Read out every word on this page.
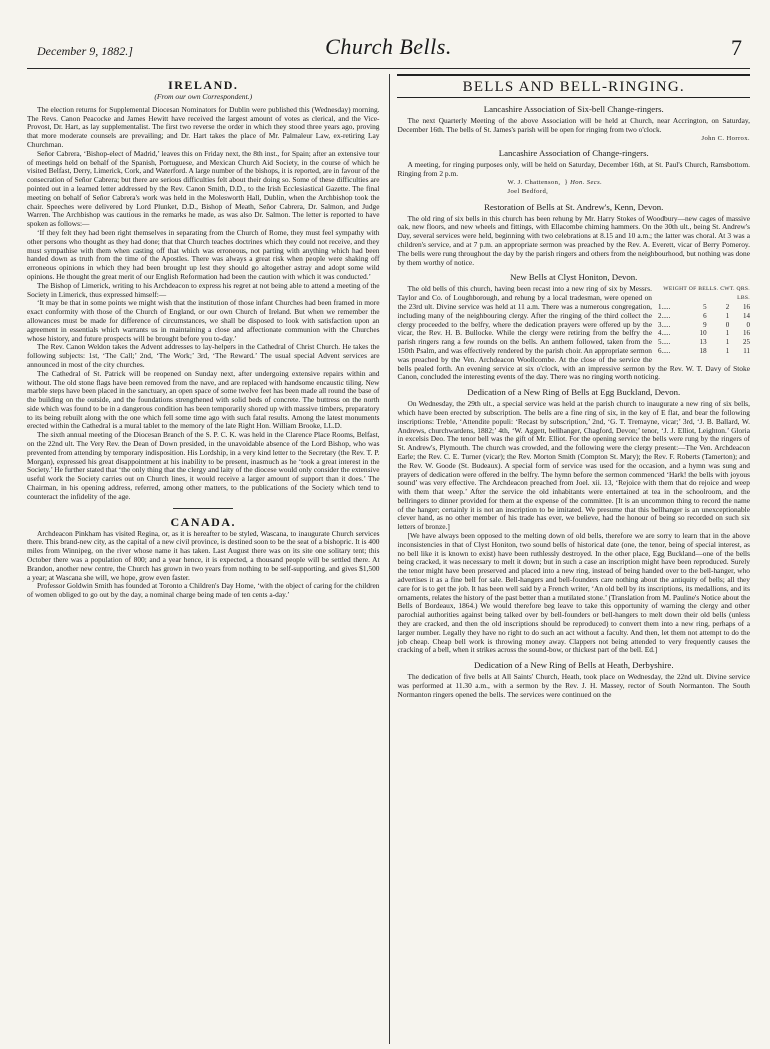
December 9, 1882.]	Church Bells.	7
IRELAND.
(From our own Correspondent.)

The election returns for Supplemental Diocesan Nominators for Dublin were published this (Wednesday) morning. The Revs. Canon Peacocke and James Hewitt have received the largest amount of votes as clerical, and the Vice-Provost, Dr. Hart, as lay supplementalist. The first two reverse the order in which they stood three years ago, proving that more moderate counsels are prevailing; and Dr. Hart takes the place of Mr. Palmaleur Law, ex-retiring Lay Churchman.

Señor Cabrera, ‘Bishop-elect of Madrid,’ leaves this on Friday next, the 8th inst., for Spain; after an extensive tour of meetings held on behalf of the Spanish, Portuguese, and Mexican Church Aid Society, in the course of which he visited Belfast, Derry, Limerick, Cork, and Waterford. A large number of the bishops, it is reported, are in favour of the consecration of Señor Cabrera; but there are serious difficulties felt about their doing so. Some of these difficulties are pointed out in a learned letter addressed by the Rev. Canon Smith, D.D., to the Irish Ecclesiastical Gazette. The final meeting on behalf of Señor Cabrera's work was held in the Molesworth Hall, Dublin, when the Archbishop took the chair. Speeches were delivered by Lord Plunket, D.D., Bishop of Meath, Señor Cabrera, Dr. Salmon, and Judge Warren. The Archbishop was cautious in the remarks he made, as was also Dr. Salmon. The letter is reported to have spoken as follows:—

‘If they felt they had been right themselves in separating from the Church of Rome, they must feel sympathy with other persons who thought as they had done; that that Church teaches doctrines which they could not receive, and they must sympathise with them when casting off that which was erroneous, not parting with anything which had been handed down as truth from the time of the Apostles. There was always a great risk when people were shaking off erroneous opinions in which they had been brought up lest they should go altogether astray and adopt some wild opinions. He thought the great merit of our English Reformation had been the caution with which it was conducted.’

The Bishop of Limerick, writing to his Archdeacon to express his regret at not being able to attend a meeting of the Society in Limerick, thus expressed himself:—

‘It may be that in some points we might wish that the institution of those infant Churches had been framed in more exact conformity with those of the Church of England, or our own Church of Ireland. But when we remember the allowances must be made for difference of circumstances, we shall be disposed to look with satisfaction upon an agreement in essentials which warrants us in maintaining a close and affectionate communion with the Churches whose history, and future prospects will be brought before you to-day.’

The Rev. Canon Weldon takes the Advent addresses to lay-helpers in the Cathedral of Christ Church. He takes the following subjects: 1st, ‘The Call;’ 2nd, ‘The Work;’ 3rd, ‘The Reward.’ The usual special Advent services are announced in most of the city churches.

The Cathedral of St. Patrick will be reopened on Sunday next, after undergoing extensive repairs within and without. The old stone flags have been removed from the nave, and are replaced with handsome encaustic tiling. New marble steps have been placed in the sanctuary, an open space of some twelve feet has been made all round the base of the building on the outside, and the foundations strengthened with solid beds of concrete. The buttress on the north side which was found to be in a dangerous condition has been temporarily shored up with massive timbers, preparatory to its being rebuilt along with the one which fell some time ago with such fatal results. Among the latest monuments erected within the Cathedral is a mural tablet to the memory of the late Right Hon. William Brooke, LL.D.

The sixth annual meeting of the Diocesan Branch of the S. P. C. K. was held in the Clarence Place Rooms, Belfast, on the 22nd ult. The Very Rev. the Dean of Down presided, in the unavoidable absence of the Lord Bishop, who was prevented from attending by temporary indisposition. His Lordship, in a very kind letter to the Secretary (the Rev. T. P. Morgan), expressed his great disappointment at his inability to be present, inasmuch as he ‘took a great interest in the Society.’ He further stated that ‘the only thing that the clergy and laity of the diocese would only consider the extensive useful work the Society carries out on Church lines, it would receive a larger amount of support than it does.’ The Chairman, in his opening address, referred, among other matters, to the publications of the Society which tend to counteract the infidelity of the age.

CANADA.

Archdeacon Pinkham has visited Regina, or, as it is hereafter to be styled, Wascana, to inaugurate Church services there. This brand-new city, as the capital of a new civil province, is destined soon to be the seat of a bishopric. It is 400 miles from Winnipeg, on the river whose name it has taken. Last August there was on its site one solitary tent; this October there was a population of 800; and a year hence, it is expected, a thousand people will be settled there. At Brandon, another new centre, the Church has grown in two years from nothing to be self-supporting, and gives $1,500 a year; at Wascana she will, we hope, grow even faster.

Professor Goldwin Smith has founded at Toronto a Children's Day Home, ‘with the object of caring for the children of women obliged to go out by the day, a nominal charge being made of ten cents a-day.’

BELLS AND BELL-RINGING.
Lancashire Association of Six-bell Change-ringers.

The next Quarterly Meeting of the above Association will be held at Church, near Accrington, on Saturday, December 16th. The bells of St. James's parish will be open for ringing from two o'clock.

John C. Horrox.
Lancashire Association of Change-ringers.

A meeting, for ringing purposes only, will be held on Saturday, December 16th, at St. Paul's Church, Ramsbottom. Ringing from 2 p.m.

W. J. Chattenson,  } Hon. Secs.
Joel Bedford,
Restoration of Bells at St. Andrew's, Kenn, Devon.

The old ring of six bells in this church has been rehung by Mr. Harry Stokes of Woodbury—new cages of massive oak, new floors, and new wheels and fittings, with Ellacombe chiming hammers. On the 30th ult., being St. Andrew's Day, several services were held, beginning with two celebrations at 8.15 and 10 a.m.; the latter was choral. At 3 was a children's service, and at 7 p.m. an appropriate sermon was preached by the Rev. A. Everett, vicar of Berry Pomeroy. The bells were rung throughout the day by the parish ringers and others from the neighbourhood, but nothing was done by them worthy of notice.

New Bells at Clyst Honiton, Devon.
WEIGHT OF BELLS. CWT. QRS. LBS.
1.....	5	2	16
2.....	6	1	14
3.....	9	0	0
4.....	10	1	16
5.....	13	1	25
6.....	18	1	11

The old bells of this church, having been recast into a new ring of six by Messrs. Taylor and Co. of Loughborough, and rehung by a local tradesman, were opened on the 23rd ult. Divine service was held at 11 a.m. There was a numerous congregation, including many of the neighbouring clergy. After the ringing of the third collect the clergy proceeded to the belfry, where the dedication prayers were offered up by the vicar, the Rev. H. B. Bullocke. While the clergy were retiring from the belfry the parish ringers rang a few rounds on the bells. An anthem followed, taken from the 150th Psalm, and was effectively rendered by the parish choir. An appropriate sermon was preached by the Ven. Archdeacon Woollcombe. At the close of the service the bells pealed forth. An evening service at six o'clock, with an impressive sermon by the Rev. W. T. Davy of Stoke Canon, concluded the interesting events of the day. There was no ringing worth noticing.

Dedication of a New Ring of Bells at Egg Buckland, Devon.

On Wednesday, the 29th ult., a special service was held at the parish church to inaugurate a new ring of six bells, which have been erected by subscription. The bells are a fine ring of six, in the key of E flat, and bear the following inscriptions: Treble, ‘Attendite populi: ‘Recast by subscription,’ 2nd, ‘G. T. Tremayne, vicar;’ 3rd, ‘J. B. Ballard, W. Andrews, churchwardens, 1882;’ 4th, ‘W. Aggett, bellhanger, Chagford, Devon;’ tenor, ‘J. J. Elliot, Leighton.’ Gloria in excelsis Deo. The tenor bell was the gift of Mr. Elliot. For the opening service the bells were rung by the ringers of St. Andrew's, Plymouth. The church was crowded, and the following were the clergy present:—The Ven. Archdeacon Earle; the Rev. C. E. Turner (vicar); the Rev. Morton Smith (Compton St. Mary); the Rev. F. Roberts (Tamerton); and the Rev. W. Goode (St. Budeaux). A special form of service was used for the occasion, and a hymn was sung and prayers of dedication were offered in the belfry. The hymn before the sermon commenced ‘Hark! the bells with joyous sound’ was very effective. The Archdeacon preached from Joel. xii. 13, ‘Rejoice with them that do rejoice and weep with them that weep.’ After the service the old inhabitants were entertained at tea in the schoolroom, and the bellringers to dinner provided for them at the expense of the committee. [It is an uncommon thing to record the name of the hanger; certainly it is not an inscription to be imitated. We presume that this bellhanger is an unexceptionable clever hand, as no other member of his trade has ever, we believe, had the honour of being so recorded on such six letters of bronze.]

[We have always been opposed to the melting down of old bells, therefore we are sorry to learn that in the above inconsistencies in that of Clyst Honiton, two sound bells of historical date (one, the tenor, being of special interest, as no bell like it is known to exist) have been ruthlessly destroyed. In the other place, Egg Buckland—one of the bells being cracked, it was necessary to melt it down; but in such a case an inscription might have been reproduced. Surely the tenor might have been preserved and placed into a new ring, instead of being handed over to the bell-hanger, who advertises it as a fine bell for sale. Bell-hangers and bell-founders care nothing about the antiquity of bells; all they care for is to get the job. It has been well said by a French writer, ‘An old bell by its inscriptions, its medallions, and its ornaments, relates the history of the past better than a mutilated stone.’ (Translation from M. Pauline's Notice about the Bells of Bordeaux, 1864.) We would therefore beg leave to take this opportunity of warning the clergy and other parochial authorities against being talked over by bell-founders or bell-hangers to melt down their old bells (unless they are cracked, and then the old inscriptions should be reproduced) to convert them into a new ring, perhaps of a larger number. Legally they have no right to do such an act without a faculty. And then, let them not attempt to do the job cheap. Cheap bell work is throwing money away. Clappers not being attended to very frequently causes the cracking of a bell, when it strikes across the sound-bow, or thickest part of the bell. Ed.]

Dedication of a New Ring of Bells at Heath, Derbyshire.

The dedication of five bells at All Saints' Church, Heath, took place on Wednesday, the 22nd ult. Divine service was performed at 11.30 a.m., with a sermon by the Rev. J. H. Massey, rector of South Normanton. The South Normanton ringers opened the bells. The services were continued on the
